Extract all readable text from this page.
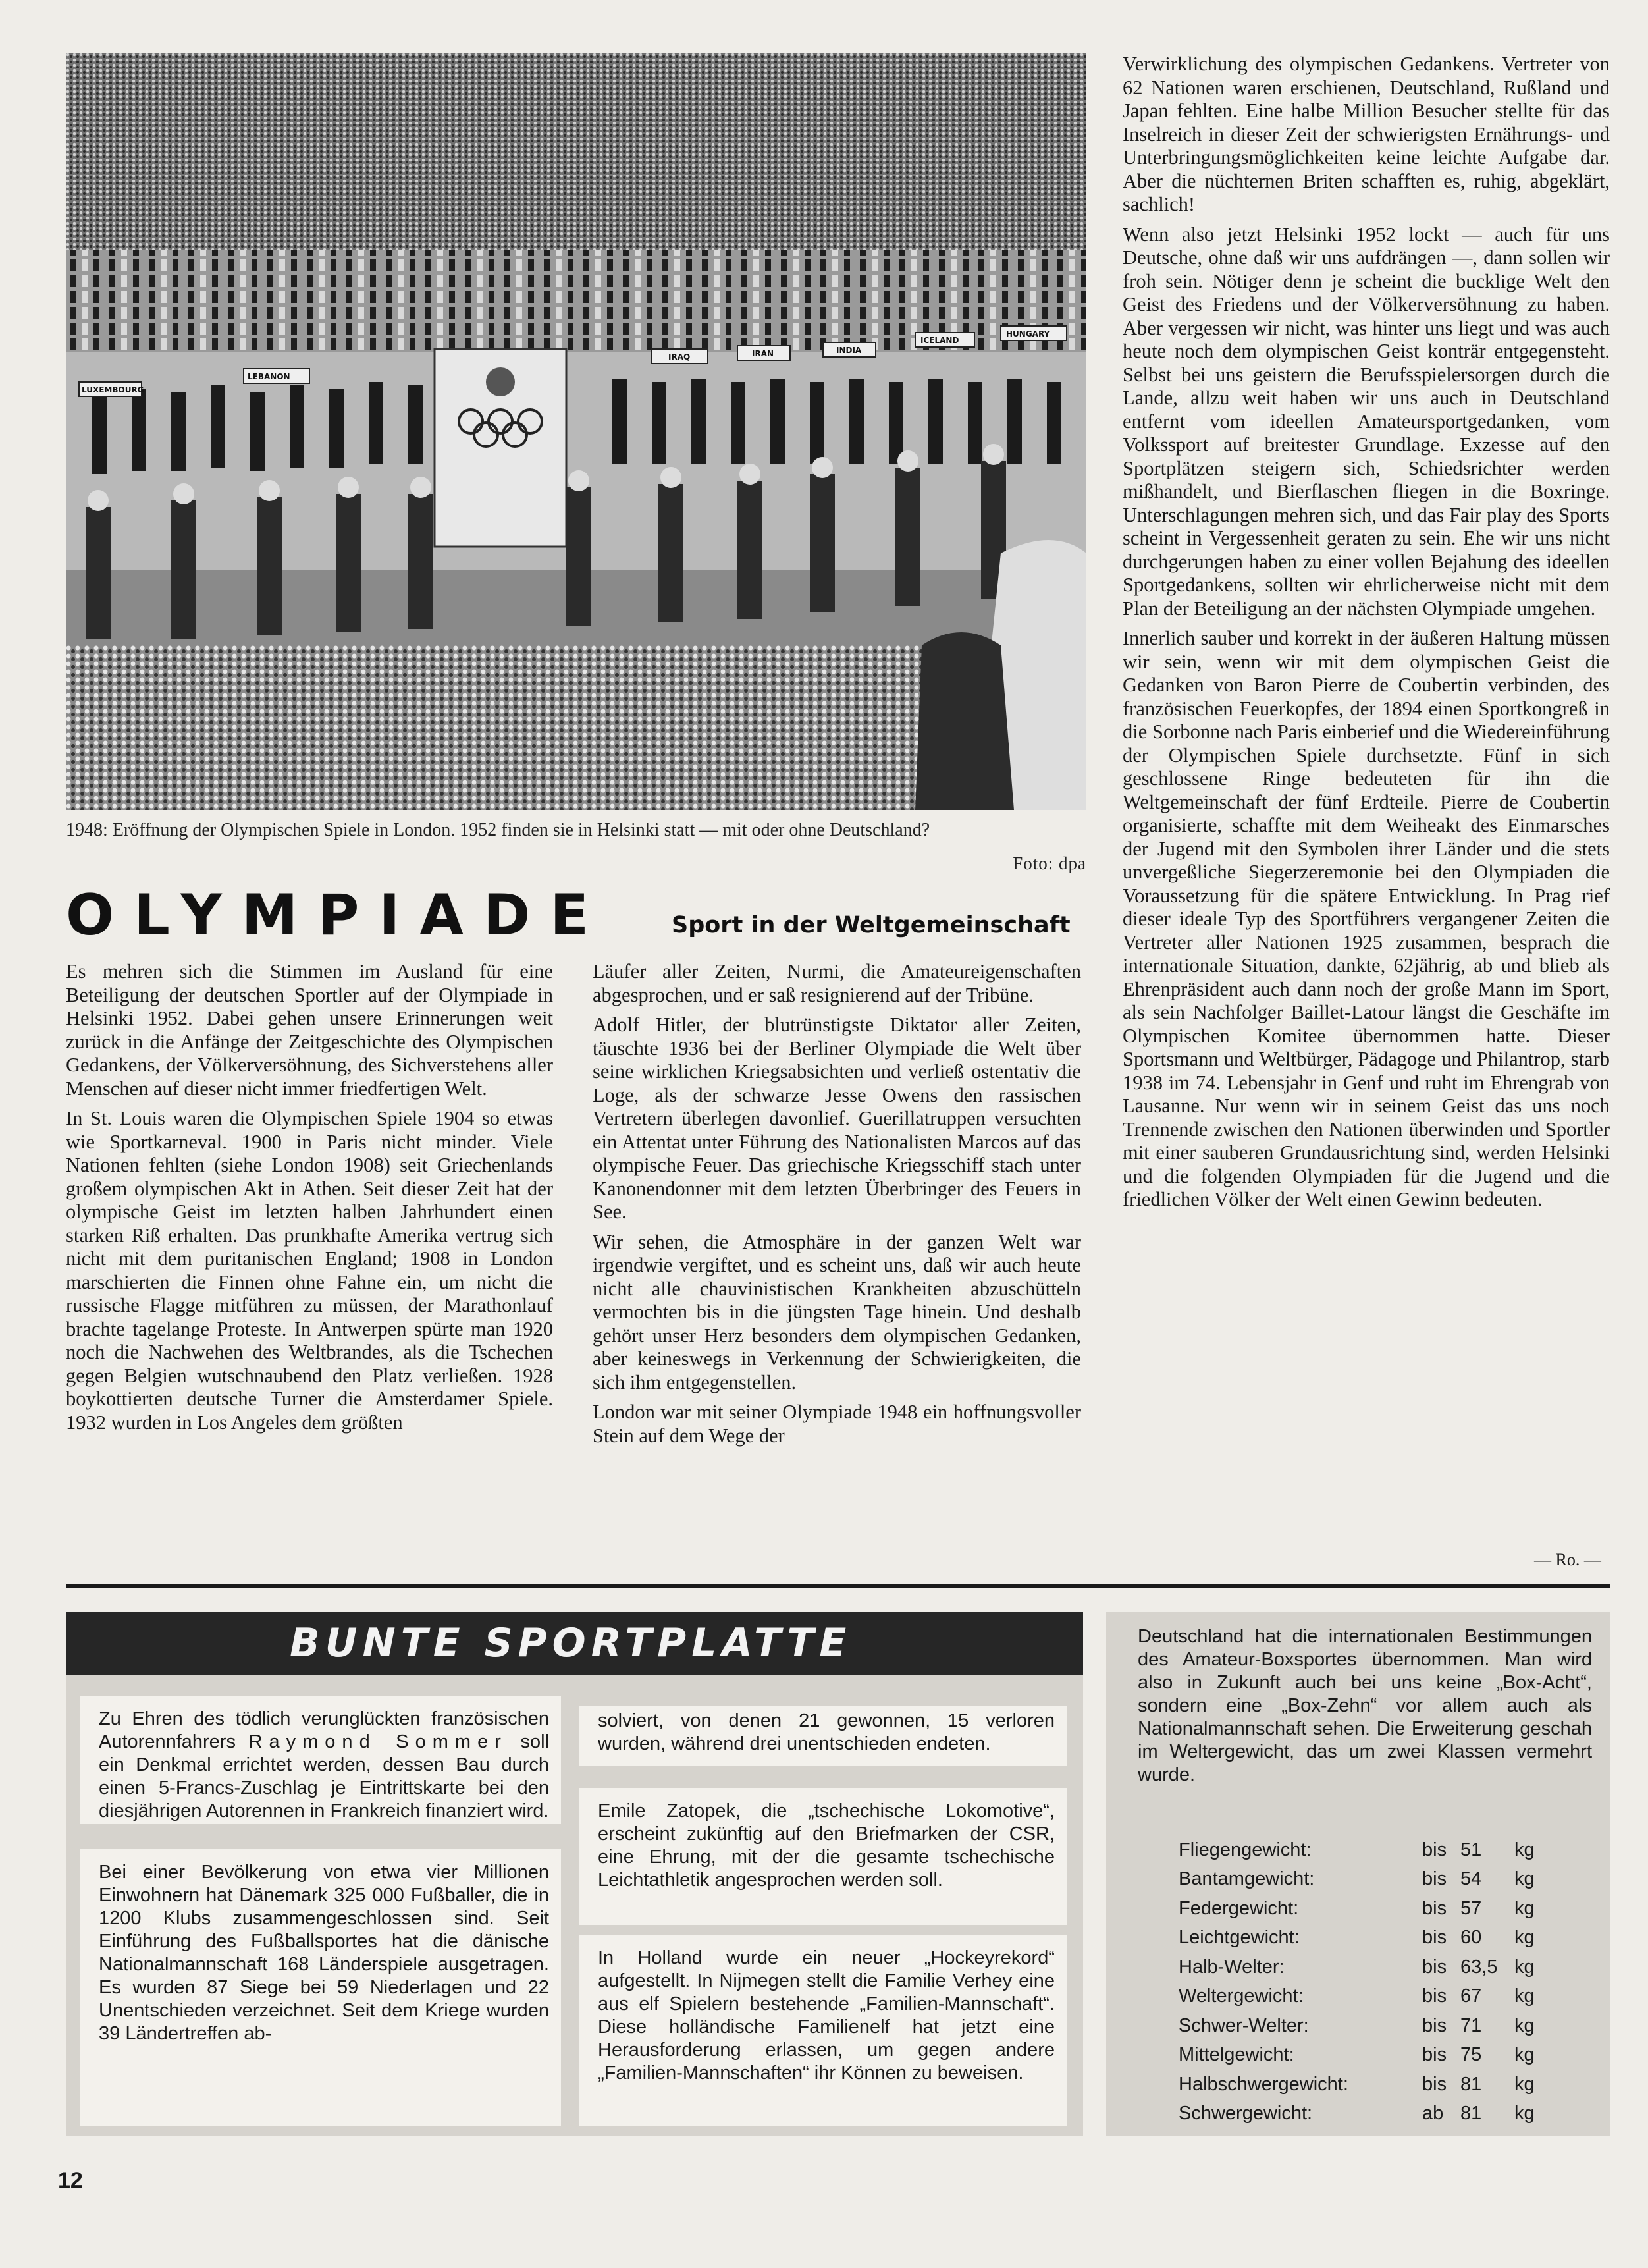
LUXEMBOURG
LEBANON
IRAQ	IRAN	INDIA
ICELAND
HUNGARY
1948: Eröffnung der Olympischen Spiele in London. 1952 finden sie in Helsinki statt — mit oder ohne Deutschland?
Foto: dpa
OLYMPIADE	Sport in der Weltgemeinschaft

Es mehren sich die Stimmen im Ausland für eine Beteiligung der deutschen Sportler auf der Olympiade in Helsinki 1952. Dabei gehen unsere Erinnerungen weit zurück in die Anfänge der Zeitgeschichte des Olympischen Gedankens, der Völkerversöhnung, des Sichverstehens aller Menschen auf dieser nicht immer friedfertigen Welt.

In St. Louis waren die Olympischen Spiele 1904 so etwas wie Sportkarneval. 1900 in Paris nicht minder. Viele Nationen fehlten (siehe London 1908) seit Griechenlands großem olympischen Akt in Athen. Seit dieser Zeit hat der olympische Geist im letzten halben Jahrhundert einen starken Riß erhalten. Das prunkhafte Amerika vertrug sich nicht mit dem puritanischen England; 1908 in London marschierten die Finnen ohne Fahne ein, um nicht die russische Flagge mitführen zu müssen, der Marathonlauf brachte tagelange Proteste. In Antwerpen spürte man 1920 noch die Nachwehen des Weltbrandes, als die Tschechen gegen Belgien wutschnaubend den Platz verließen. 1928 boykottierten deutsche Turner die Amsterdamer Spiele. 1932 wurden in Los Angeles dem größten

Läufer aller Zeiten, Nurmi, die Amateureigenschaften abgesprochen, und er saß resignierend auf der Tribüne.

Adolf Hitler, der blutrünstigste Diktator aller Zeiten, täuschte 1936 bei der Berliner Olympiade die Welt über seine wirklichen Kriegsabsichten und verließ ostentativ die Loge, als der schwarze Jesse Owens den rassischen Vertretern überlegen davonlief. Guerillatruppen versuchten ein Attentat unter Führung des Nationalisten Marcos auf das olympische Feuer. Das griechische Kriegsschiff stach unter Kanonendonner mit dem letzten Überbringer des Feuers in See.

Wir sehen, die Atmosphäre in der ganzen Welt war irgendwie vergiftet, und es scheint uns, daß wir auch heute nicht alle chauvinistischen Krankheiten abzuschütteln vermochten bis in die jüngsten Tage hinein. Und deshalb gehört unser Herz besonders dem olympischen Gedanken, aber keineswegs in Verkennung der Schwierigkeiten, die sich ihm entgegenstellen.

London war mit seiner Olympiade 1948 ein hoffnungsvoller Stein auf dem Wege der

Verwirklichung des olympischen Gedankens. Vertreter von 62 Nationen waren erschienen, Deutschland, Rußland und Japan fehlten. Eine halbe Million Besucher stellte für das Inselreich in dieser Zeit der schwierigsten Ernährungs- und Unterbringungsmöglichkeiten keine leichte Aufgabe dar. Aber die nüchternen Briten schafften es, ruhig, abgeklärt, sachlich!

Wenn also jetzt Helsinki 1952 lockt — auch für uns Deutsche, ohne daß wir uns aufdrängen —, dann sollen wir froh sein. Nötiger denn je scheint die bucklige Welt den Geist des Friedens und der Völkerversöhnung zu haben. Aber vergessen wir nicht, was hinter uns liegt und was auch heute noch dem olympischen Geist konträr entgegensteht. Selbst bei uns geistern die Berufsspielersorgen durch die Lande, allzu weit haben wir uns auch in Deutschland entfernt vom ideellen Amateursportgedanken, vom Volkssport auf breitester Grundlage. Exzesse auf den Sportplätzen steigern sich, Schiedsrichter werden mißhandelt, und Bierflaschen fliegen in die Boxringe. Unterschlagungen mehren sich, und das Fair play des Sports scheint in Vergessenheit geraten zu sein. Ehe wir uns nicht durchgerungen haben zu einer vollen Bejahung des ideellen Sportgedankens, sollten wir ehrlicherweise nicht mit dem Plan der Beteiligung an der nächsten Olympiade umgehen.

Innerlich sauber und korrekt in der äußeren Haltung müssen wir sein, wenn wir mit dem olympischen Geist die Gedanken von Baron Pierre de Coubertin verbinden, des französischen Feuerkopfes, der 1894 einen Sportkongreß in die Sorbonne nach Paris einberief und die Wiedereinführung der Olympischen Spiele durchsetzte. Fünf in sich geschlossene Ringe bedeuteten für ihn die Weltgemeinschaft der fünf Erdteile. Pierre de Coubertin organisierte, schaffte mit dem Weiheakt des Einmarsches der Jugend mit den Symbolen ihrer Länder und die stets unvergeßliche Siegerzeremonie bei den Olympiaden die Voraussetzung für die spätere Entwicklung. In Prag rief dieser ideale Typ des Sportführers vergangener Zeiten die Vertreter aller Nationen 1925 zusammen, besprach die internationale Situation, dankte, 62jährig, ab und blieb als Ehrenpräsident auch dann noch der große Mann im Sport, als sein Nachfolger Baillet-Latour längst die Geschäfte im Olympischen Komitee übernommen hatte. Dieser Sportsmann und Weltbürger, Pädagoge und Philantrop, starb 1938 im 74. Lebensjahr in Genf und ruht im Ehrengrab von Lausanne. Nur wenn wir in seinem Geist das uns noch Trennende zwischen den Nationen überwinden und Sportler mit einer sauberen Grundausrichtung sind, werden Helsinki und die folgenden Olympiaden für die Jugend und die friedlichen Völker der Welt einen Gewinn bedeuten.

— Ro. —
BUNTE SPORTPLATTE
Zu Ehren des tödlich verunglückten französischen Autorennfahrers Raymond Sommer soll ein Denkmal errichtet werden, dessen Bau durch einen 5-Francs-Zuschlag je Eintrittskarte bei den diesjährigen Autorennen in Frankreich finanziert wird.
Bei einer Bevölkerung von etwa vier Millionen Einwohnern hat Dänemark 325 000 Fußballer, die in 1200 Klubs zusammengeschlossen sind. Seit Einführung des Fußballsportes hat die dänische Nationalmannschaft 168 Länderspiele ausgetragen. Es wurden 87 Siege bei 59 Niederlagen und 22 Unentschieden verzeichnet. Seit dem Kriege wurden 39 Ländertreffen ab-
solviert, von denen 21 gewonnen, 15 verloren wurden, während drei unentschieden endeten.
Emile Zatopek, die „tschechische Lokomotive“, erscheint zukünftig auf den Briefmarken der CSR, eine Ehrung, mit der die gesamte tschechische Leichtathletik angesprochen werden soll.
In Holland wurde ein neuer „Hockeyrekord“ aufgestellt. In Nijmegen stellt die Familie Verhey eine aus elf Spielern bestehende „Familien-Mannschaft“. Diese holländische Familienelf hat jetzt eine Herausforderung erlassen, um gegen andere „Familien-Mannschaften“ ihr Können zu beweisen.
Deutschland hat die internationalen Bestimmungen des Amateur-Boxsportes übernommen. Man wird also in Zukunft auch bei uns keine „Box-Acht“, sondern eine „Box-Zehn“ vor allem auch als Nationalmannschaft sehen. Die Erweiterung geschah im Weltergewicht, das um zwei Klassen vermehrt wurde.
Fliegengewicht:	bis	51	kg
Bantamgewicht:	bis	54	kg
Federgewicht:	bis	57	kg
Leichtgewicht:	bis	60	kg
Halb-Welter:	bis	63,5	kg
Weltergewicht:	bis	67	kg
Schwer-Welter:	bis	71	kg
Mittelgewicht:	bis	75	kg
Halbschwergewicht:	bis	81	kg
Schwergewicht:	ab	81	kg
12
